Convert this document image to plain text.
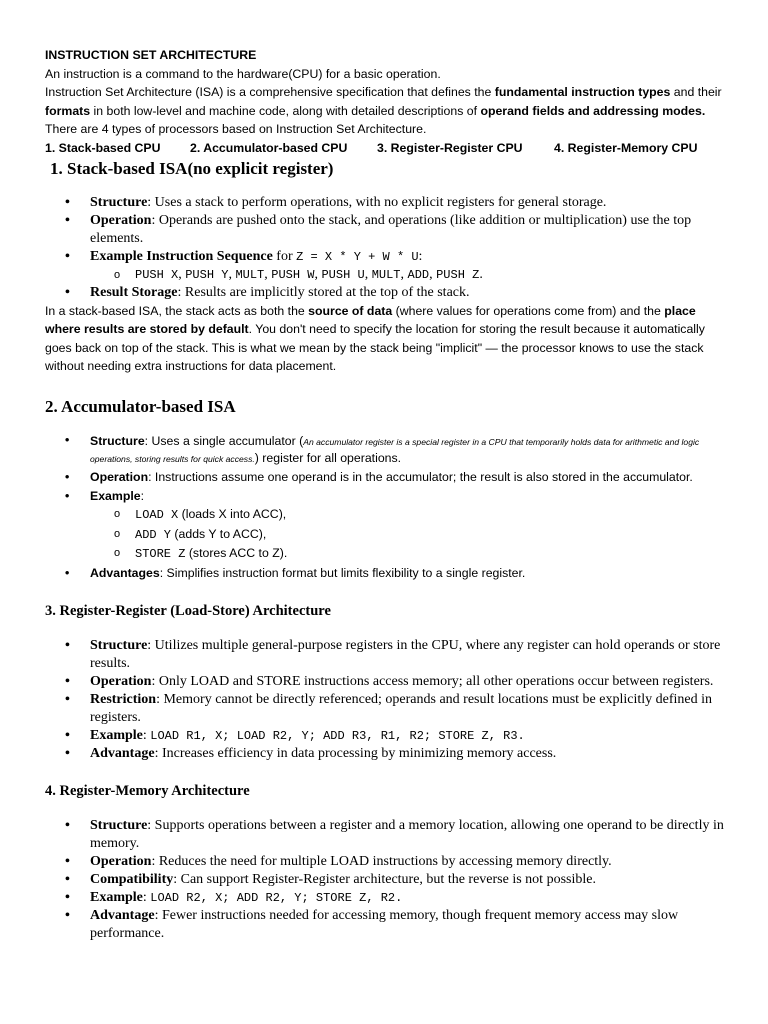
INSTRUCTION SET ARCHITECTURE

An instruction is a command to the hardware(CPU) for a basic operation.

Instruction Set Architecture (ISA) is a comprehensive specification that defines the fundamental instruction types and their formats in both low-level and machine code, along with detailed descriptions of operand fields and addressing modes.

There are 4 types of processors based on Instruction Set Architecture.

1. Stack-based CPU	2. Accumulator-based CPU	3. Register-Register CPU	4. Register-Memory CPU
1. Stack-based ISA(no explicit register)
• Structure: Uses a stack to perform operations, with no explicit registers for general storage.
• Operation: Operands are pushed onto the stack, and operations (like addition or multiplication) use the top elements.
• Example Instruction Sequence for Z = X * Y + W * U:
o PUSH X, PUSH Y, MULT, PUSH W, PUSH U, MULT, ADD, PUSH Z.
• Result Storage: Results are implicitly stored at the top of the stack.

In a stack-based ISA, the stack acts as both the source of data (where values for operations come from) and the place where results are stored by default. You don't need to specify the location for storing the result because it automatically goes back on top of the stack. This is what we mean by the stack being "implicit" — the processor knows to use the stack without needing extra instructions for data placement.

2. Accumulator-based ISA
• Structure: Uses a single accumulator (An accumulator register is a special register in a CPU that temporarily holds data for arithmetic and logic operations, storing results for quick access.) register for all operations.
• Operation: Instructions assume one operand is in the accumulator; the result is also stored in the accumulator.
• Example:
o LOAD X (loads X into ACC),
o ADD Y (adds Y to ACC),
o STORE Z (stores ACC to Z).
• Advantages: Simplifies instruction format but limits flexibility to a single register.
3. Register-Register (Load-Store) Architecture
• Structure: Utilizes multiple general-purpose registers in the CPU, where any register can hold operands or store results.
• Operation: Only LOAD and STORE instructions access memory; all other operations occur between registers.
• Restriction: Memory cannot be directly referenced; operands and result locations must be explicitly defined in registers.
• Example: LOAD R1, X; LOAD R2, Y; ADD R3, R1, R2; STORE Z, R3.
• Advantage: Increases efficiency in data processing by minimizing memory access.
4. Register-Memory Architecture
• Structure: Supports operations between a register and a memory location, allowing one operand to be directly in memory.
• Operation: Reduces the need for multiple LOAD instructions by accessing memory directly.
• Compatibility: Can support Register-Register architecture, but the reverse is not possible.
• Example: LOAD R2, X; ADD R2, Y; STORE Z, R2.
• Advantage: Fewer instructions needed for accessing memory, though frequent memory access may slow performance.
